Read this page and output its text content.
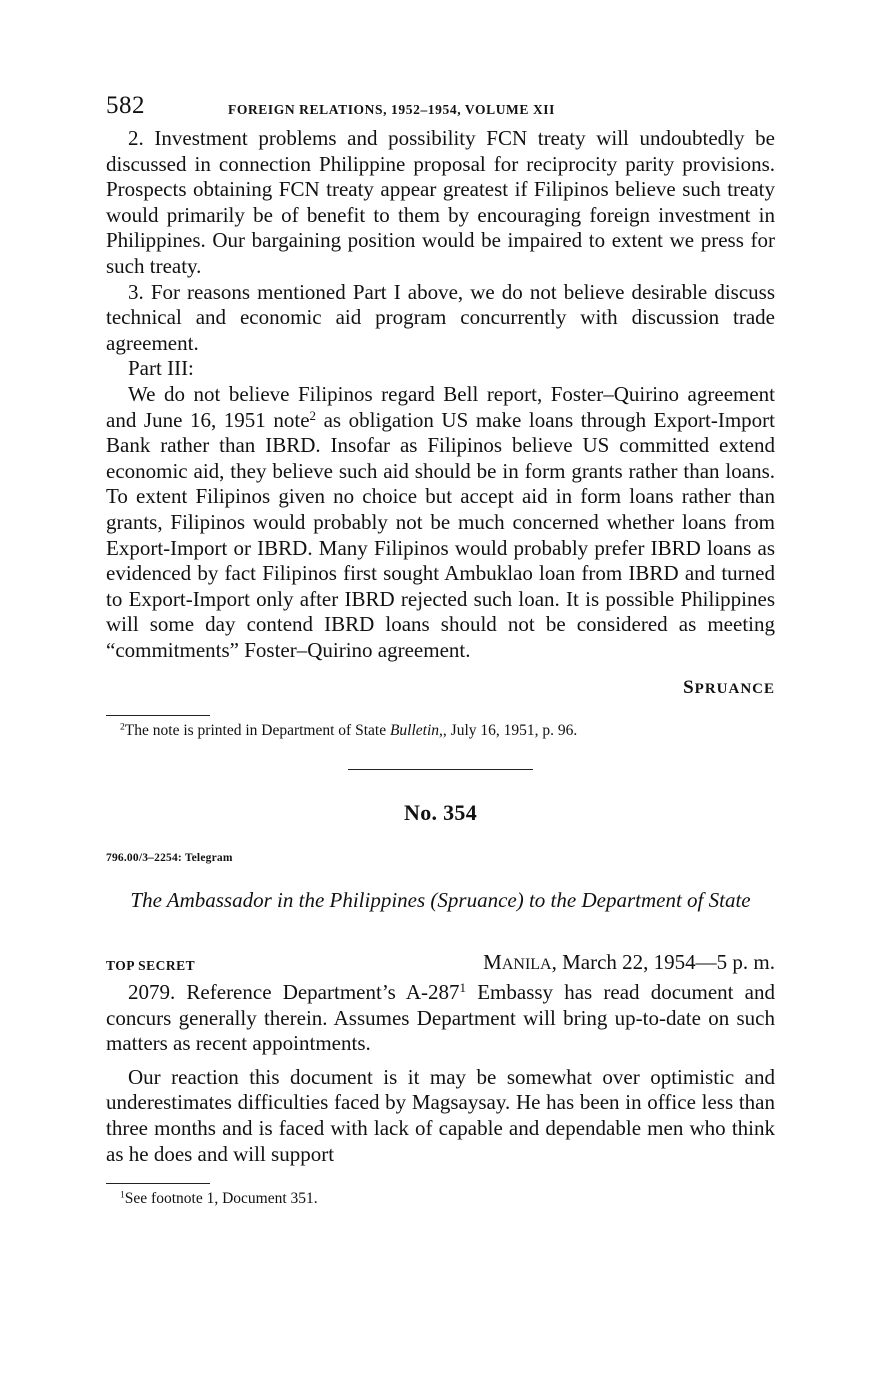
582	FOREIGN RELATIONS, 1952–1954, VOLUME XII

2. Investment problems and possibility FCN treaty will undoubtedly be discussed in connection Philippine proposal for reciprocity parity provisions. Prospects obtaining FCN treaty appear greatest if Filipinos believe such treaty would primarily be of benefit to them by encouraging foreign investment in Philippines. Our bargaining position would be impaired to extent we press for such treaty.

3. For reasons mentioned Part I above, we do not believe desirable discuss technical and economic aid program concurrently with discussion trade agreement.

Part III:

We do not believe Filipinos regard Bell report, Foster–Quirino agreement and June 16, 1951 note$^2$ as obligation US make loans through Export-Import Bank rather than IBRD. Insofar as Filipinos believe US committed extend economic aid, they believe such aid should be in form grants rather than loans. To extent Filipinos given no choice but accept aid in form loans rather than grants, Filipinos would probably not be much concerned whether loans from Export-Import or IBRD. Many Filipinos would probably prefer IBRD loans as evidenced by fact Filipinos first sought Ambuklao loan from IBRD and turned to Export-Import only after IBRD rejected such loan. It is possible Philippines will some day contend IBRD loans should not be considered as meeting “commitments” Foster–Quirino agreement.

SPRUANCE
$^2$The note is printed in Department of State Bulletin,, July 16, 1951, p. 96.
No. 354
796.00/3–2254: Telegram
The Ambassador in the Philippines (Spruance) to the Department of State
TOP SECRET	MANILA, March 22, 1954—5 p. m.

2079. Reference Department’s $A-287^1$ Embassy has read document and concurs generally therein. Assumes Department will bring up-to-date on such matters as recent appointments.

Our reaction this document is it may be somewhat over optimistic and underestimates difficulties faced by Magsaysay. He has been in office less than three months and is faced with lack of capable and dependable men who think as he does and will support

$^1$See footnote 1, Document 351.
